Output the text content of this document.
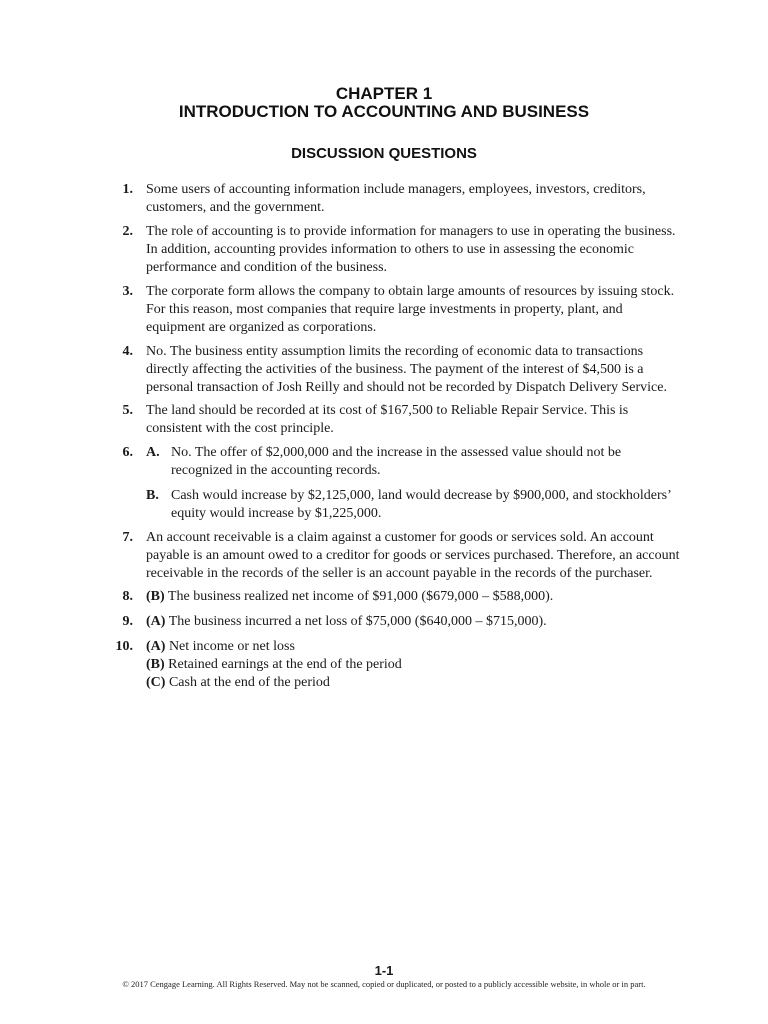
CHAPTER 1
INTRODUCTION TO ACCOUNTING AND BUSINESS
DISCUSSION QUESTIONS
1. Some users of accounting information include managers, employees, investors, creditors, customers, and the government.
2. The role of accounting is to provide information for managers to use in operating the business. In addition, accounting provides information to others to use in assessing the economic performance and condition of the business.
3. The corporate form allows the company to obtain large amounts of resources by issuing stock. For this reason, most companies that require large investments in property, plant, and equipment are organized as corporations.
4. No. The business entity assumption limits the recording of economic data to transactions directly affecting the activities of the business. The payment of the interest of $4,500 is a personal transaction of Josh Reilly and should not be recorded by Dispatch Delivery Service.
5. The land should be recorded at its cost of $167,500 to Reliable Repair Service. This is consistent with the cost principle.
6. A. No. The offer of $2,000,000 and the increase in the assessed value should not be recognized in the accounting records.
B. Cash would increase by $2,125,000, land would decrease by $900,000, and stockholders’ equity would increase by $1,225,000.
7. An account receivable is a claim against a customer for goods or services sold. An account payable is an amount owed to a creditor for goods or services purchased. Therefore, an account receivable in the records of the seller is an account payable in the records of the purchaser.
8. (B) The business realized net income of $91,000 ($679,000 – $588,000).
9. (A) The business incurred a net loss of $75,000 ($640,000 – $715,000).
10. (A) Net income or net loss
(B) Retained earnings at the end of the period
(C) Cash at the end of the period
1-1
© 2017 Cengage Learning. All Rights Reserved. May not be scanned, copied or duplicated, or posted to a publicly accessible website, in whole or in part.
